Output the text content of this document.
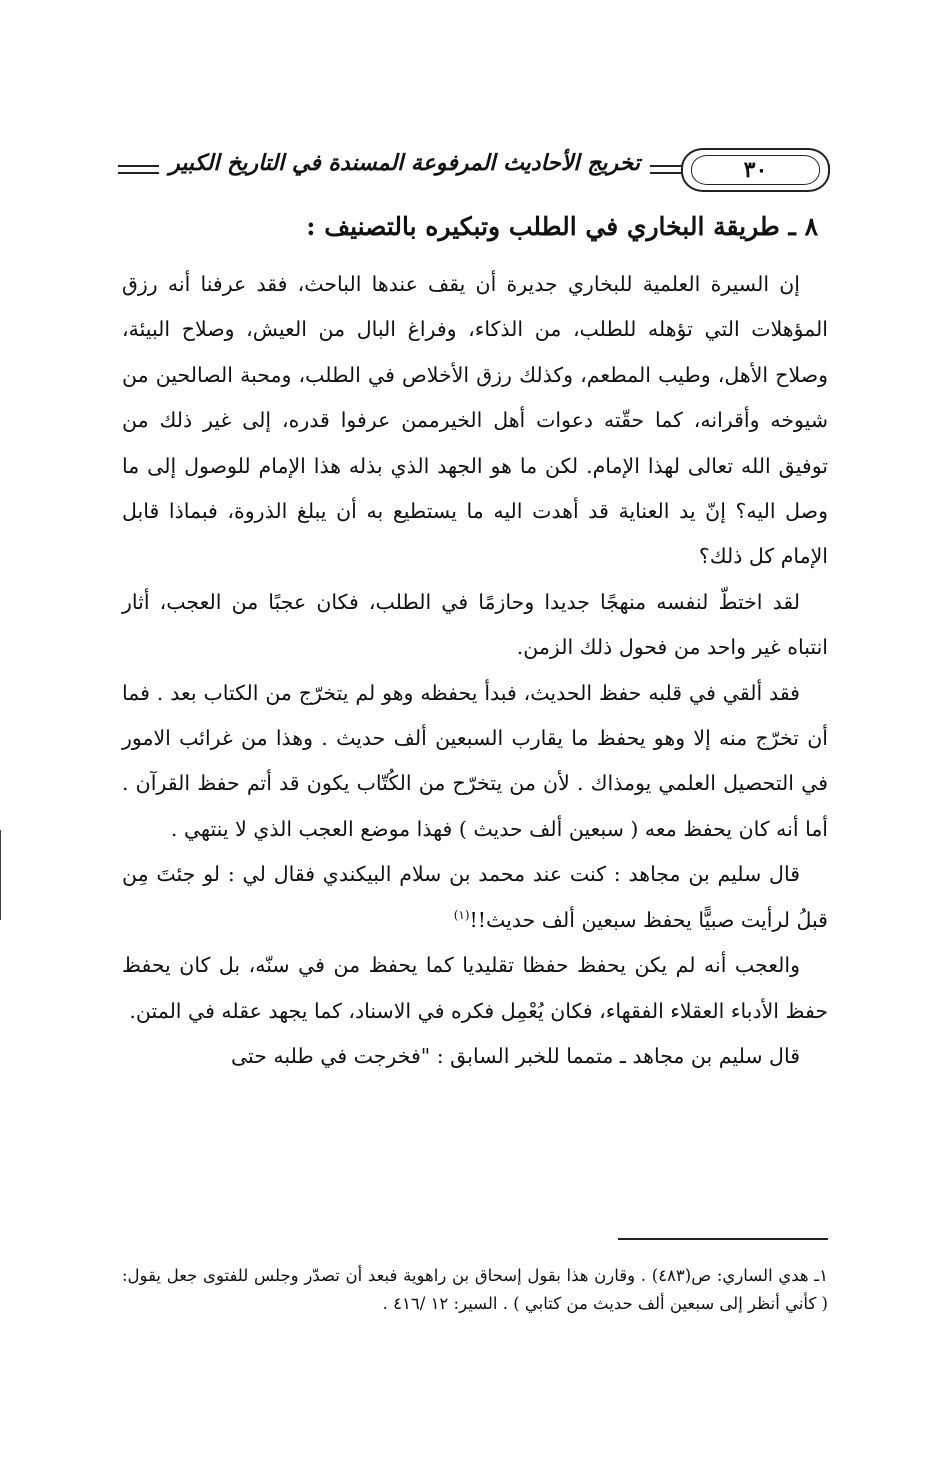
تخريج الأحاديث المرفوعة المسندة في التاريخ الكبير	٣٠
٨ ـ طريقة البخاري في الطلب وتبكيره بالتصنيف :

إن السيرة العلمية للبخاري جديرة أن يقف عندها الباحث، فقد عرفنا أنه رزق المؤهلات التي تؤهله للطلب، من الذكاء، وفراغ البال من العيش، وصلاح البيئة، وصلاح الأهل، وطيب المطعم، وكذلك رزق الأخلاص في الطلب، ومحبة الصالحين من شيوخه وأقرانه، كما حقّته دعوات أهل الخيرممن عرفوا قدره، إلى غير ذلك من توفيق الله تعالى لهذا الإمام. لكن ما هو الجهد الذي بذله هذا الإمام للوصول إلى ما وصل اليه؟ إنّ يد العناية قد أهدت اليه ما يستطيع به أن يبلغ الذروة، فبماذا قابل الإمام كل ذلك؟

لقد اختطّ لنفسه منهجًا جديدا وحازمًا في الطلب، فكان عجبًا من العجب، أثار انتباه غير واحد من فحول ذلك الزمن.

فقد ألقي في قلبه حفظ الحديث، فبدأ يحفظه وهو لم يتخرّج من الكتاب بعد . فما أن تخرّج منه إلا وهو يحفظ ما يقارب السبعين ألف حديث . وهذا من غرائب الامور في التحصيل العلمي يومذاك . لأن من يتخرّح من الكُتّاب يكون قد أتم حفظ القرآن . أما أنه كان يحفظ معه ( سبعين ألف حديث ) فهذا موضع العجب الذي لا ينتهي .

قال سليم بن مجاهد : كنت عند محمد بن سلام البيكندي فقال لي : لو جئتَ مِن قبلُ لرأيت صبيًّا يحفظ سبعين ألف حديث!!$^{(١)}$

والعجب أنه لم يكن يحفظ حفظا تقليديا كما يحفظ من في سنّه، بل كان يحفظ حفظ الأدباء العقلاء الفقهاء، فكان يُعْمِل فكره في الاسناد، كما يجهد عقله في المتن.

قال سليم بن مجاهد ـ متمما للخبر السابق : "فخرجت في طلبه حتى

١ـ هدي الساري: ص(٤٨٣) . وقارن هذا بقول إسحاق بن راهوية فبعد أن تصدّر وجلس للفتوى جعل يقول: ( كأني أنظر إلى سبعين ألف حديث من كتابي ) . السير: ١٢ /٤١٦ .
